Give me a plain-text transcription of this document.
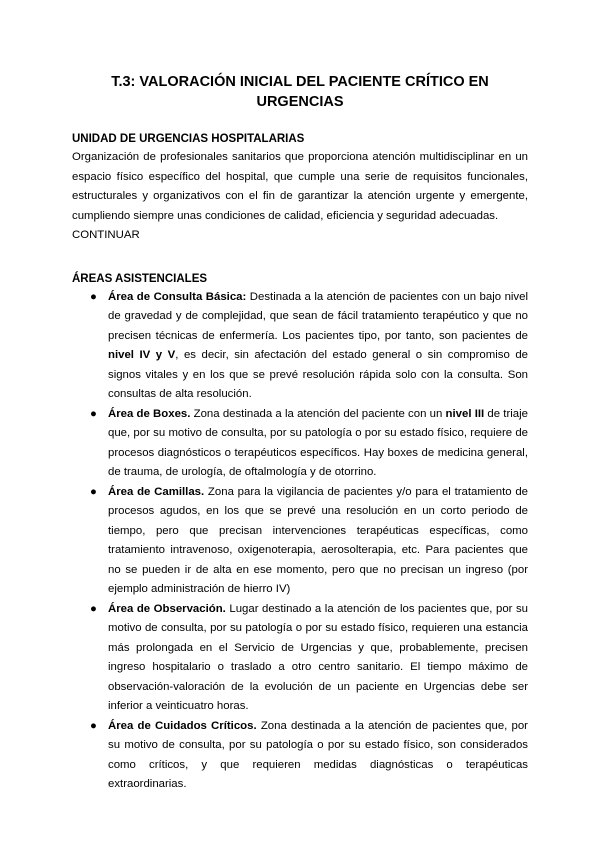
T.3: VALORACIÓN INICIAL DEL PACIENTE CRÍTICO EN URGENCIAS
UNIDAD DE URGENCIAS HOSPITALARIAS

Organización de profesionales sanitarios que proporciona atención multidisciplinar en un espacio físico específico del hospital, que cumple una serie de requisitos funcionales, estructurales y organizativos con el fin de garantizar la atención urgente y emergente, cumpliendo siempre unas condiciones de calidad, eficiencia y seguridad adecuadas.

CONTINUAR

ÁREAS ASISTENCIALES
● Área de Consulta Básica: Destinada a la atención de pacientes con un bajo nivel de gravedad y de complejidad, que sean de fácil tratamiento terapéutico y que no precisen técnicas de enfermería. Los pacientes tipo, por tanto, son pacientes de nivel IV y V, es decir, sin afectación del estado general o sin compromiso de signos vitales y en los que se prevé resolución rápida solo con la consulta. Son consultas de alta resolución.
● Área de Boxes. Zona destinada a la atención del paciente con un nivel III de triaje que, por su motivo de consulta, por su patología o por su estado físico, requiere de procesos diagnósticos o terapéuticos específicos. Hay boxes de medicina general, de trauma, de urología, de oftalmología y de otorrino.
● Área de Camillas. Zona para la vigilancia de pacientes y/o para el tratamiento de procesos agudos, en los que se prevé una resolución en un corto periodo de tiempo, pero que precisan intervenciones terapéuticas específicas, como tratamiento intravenoso, oxigenoterapia, aerosolterapia, etc. Para pacientes que no se pueden ir de alta en ese momento, pero que no precisan un ingreso (por ejemplo administración de hierro IV)
● Área de Observación. Lugar destinado a la atención de los pacientes que, por su motivo de consulta, por su patología o por su estado físico, requieren una estancia más prolongada en el Servicio de Urgencias y que, probablemente, precisen ingreso hospitalario o traslado a otro centro sanitario. El tiempo máximo de observación-valoración de la evolución de un paciente en Urgencias debe ser inferior a veinticuatro horas.
● Área de Cuidados Críticos. Zona destinada a la atención de pacientes que, por su motivo de consulta, por su patología o por su estado físico, son considerados como críticos, y que requieren medidas diagnósticas o terapéuticas extraordinarias.
